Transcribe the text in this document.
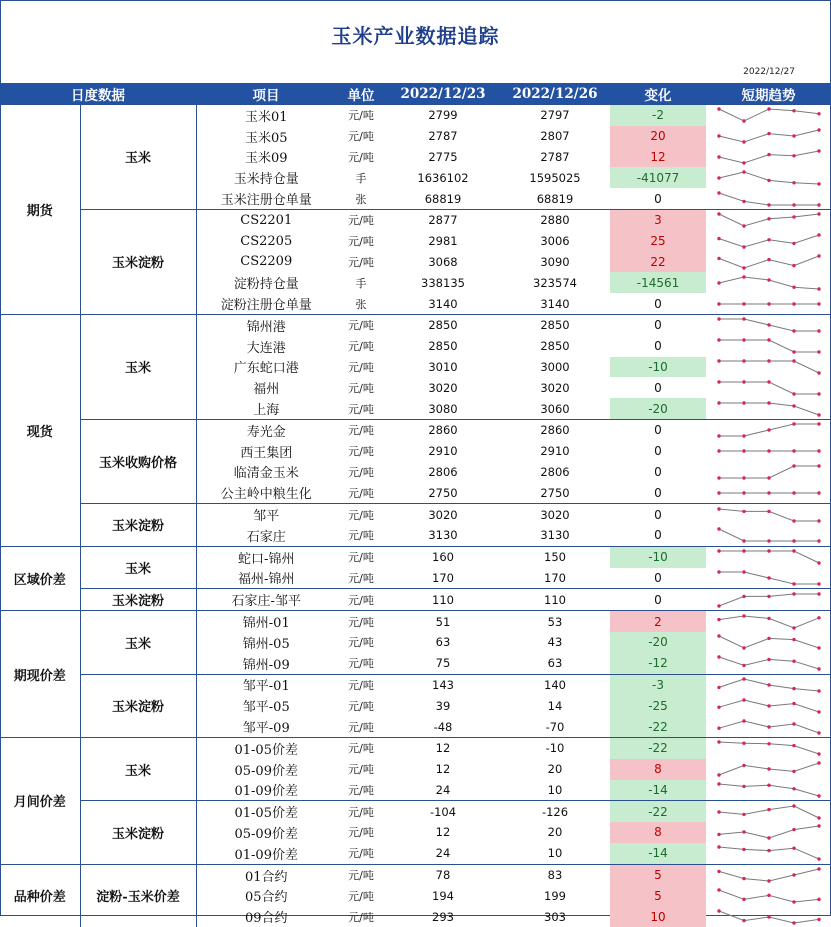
玉米产业数据追踪
2022/12/27
日度数据		项目	单位	2022/12/23	2022/12/26	变化	短期趋势
期货	玉米	玉米01	元/吨	2799	2797	-2	

		玉米05	元/吨	2787	2807	20	

		玉米09	元/吨	2775	2787	12	

		玉米持仓量	手	1636102	1595025	-41077	

		玉米注册仓单量	张	68819	68819	0	

	玉米淀粉	CS2201	元/吨	2877	2880	3	

		CS2205	元/吨	2981	3006	25	

		CS2209	元/吨	3068	3090	22	

		淀粉持仓量	手	338135	323574	-14561	

		淀粉注册仓单量	张	3140	3140	0	

现货	玉米	锦州港	元/吨	2850	2850	0	

		大连港	元/吨	2850	2850	0	

		广东蛇口港	元/吨	3010	3000	-10	

		福州	元/吨	3020	3020	0	

		上海	元/吨	3080	3060	-20	

	玉米收购价格	寿光金	元/吨	2860	2860	0	

		西王集团	元/吨	2910	2910	0	

		临清金玉米	元/吨	2806	2806	0	

		公主岭中粮生化	元/吨	2750	2750	0	

	玉米淀粉	邹平	元/吨	3020	3020	0	

		石家庄	元/吨	3130	3130	0	

区域价差	玉米	蛇口-锦州	元/吨	160	150	-10	

		福州-锦州	元/吨	170	170	0	

	玉米淀粉	石家庄-邹平	元/吨	110	110	0	

期现价差	玉米	锦州-01	元/吨	51	53	2	

		锦州-05	元/吨	63	43	-20	

		锦州-09	元/吨	75	63	-12	

	玉米淀粉	邹平-01	元/吨	143	140	-3	

		邹平-05	元/吨	39	14	-25	

		邹平-09	元/吨	-48	-70	-22	

月间价差	玉米	01-05价差	元/吨	12	-10	-22	

		05-09价差	元/吨	12	20	8	

		01-09价差	元/吨	24	10	-14	

	玉米淀粉	01-05价差	元/吨	-104	-126	-22	

		05-09价差	元/吨	12	20	8	

		01-09价差	元/吨	24	10	-14	

品种价差	淀粉-玉米价差	01合约	元/吨	78	83	5	

		05合约	元/吨	194	199	5	

		09合约	元/吨	293	303	10	
